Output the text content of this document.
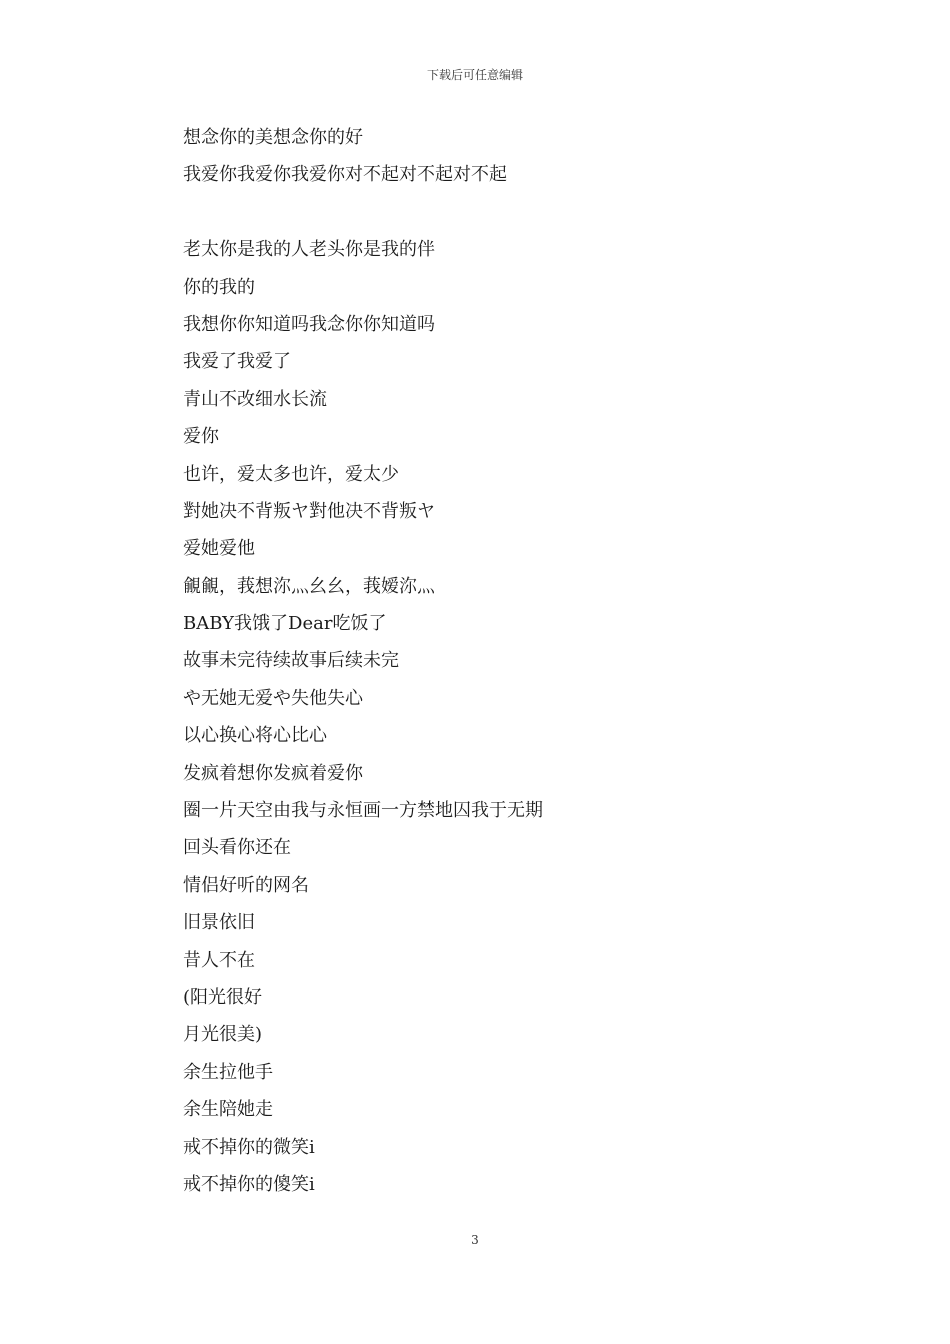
下载后可任意编辑
想念你的美想念你的好
我爱你我爱你我爱你对不起对不起对不起
老太你是我的人老头你是我的伴
你的我的
我想你你知道吗我念你你知道吗
我爱了我爱了
青山不改细水长流
爱你
也许，爱太多也许，爱太少
對她决不背叛ヤ對他决不背叛ヤ
爱她爱他
覦覦，莪想沵灬幺幺，莪嫒沵灬
BABY我饿了Dear吃饭了
故事未完待续故事后续未完
や无她无爱や失他失心
以心换心将心比心
发疯着想你发疯着爱你
圈一片天空由我与永恒画一方禁地囚我于无期
回头看你还在
情侣好听的网名
旧景依旧
昔人不在
(阳光很好
月光很美)
余生拉他手
余生陪她走
戒不掉你的微笑i
戒不掉你的傻笑i
3
